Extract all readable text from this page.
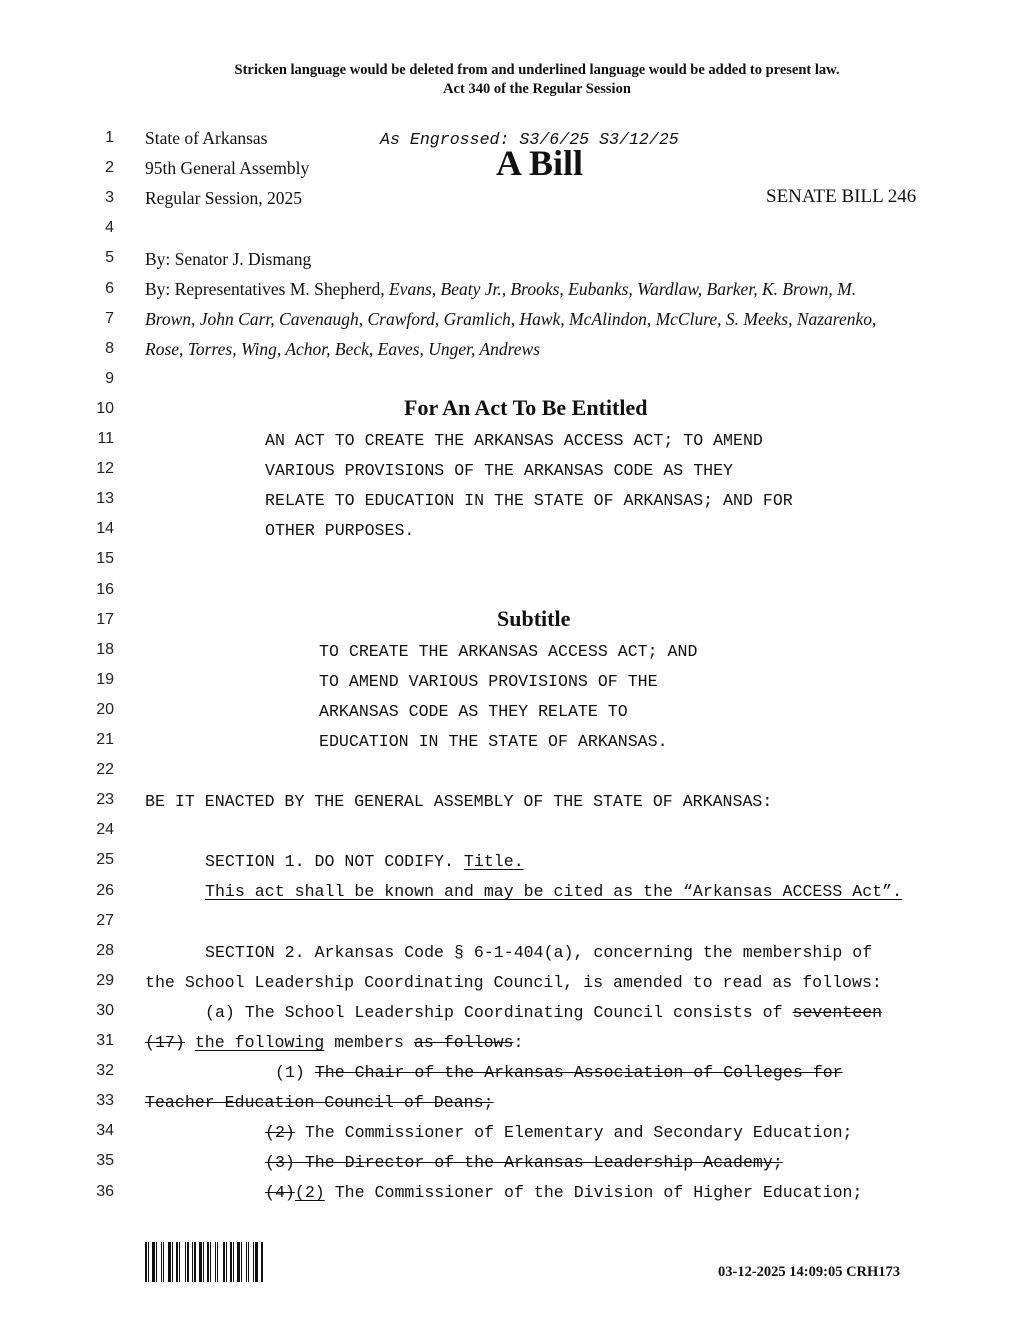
Stricken language would be deleted from and underlined language would be added to present law.
Act 340 of the Regular Session
1
2
3
4
5
6
7
8
9
10
11
12
13
14
15
16
17
18
19
20
21
22
23
24
25
26
27
28
29
30
31
32
33
34
35
36
State of Arkansas	As Engrossed: S3/6/25 S3/12/25
95th General Assembly	A Bill
Regular Session, 2025	SENATE BILL 246
By: Senator J. Dismang
By: Representatives M. Shepherd, Evans, Beaty Jr., Brooks, Eubanks, Wardlaw, Barker, K. Brown, M.
Brown, John Carr, Cavenaugh, Crawford, Gramlich, Hawk, McAlindon, McClure, S. Meeks, Nazarenko,
Rose, Torres, Wing, Achor, Beck, Eaves, Unger, Andrews
For An Act To Be Entitled
AN ACT TO CREATE THE ARKANSAS ACCESS ACT; TO AMEND
VARIOUS PROVISIONS OF THE ARKANSAS CODE AS THEY
RELATE TO EDUCATION IN THE STATE OF ARKANSAS; AND FOR
OTHER PURPOSES.
Subtitle
TO CREATE THE ARKANSAS ACCESS ACT; AND
TO AMEND VARIOUS PROVISIONS OF THE
ARKANSAS CODE AS THEY RELATE TO
EDUCATION IN THE STATE OF ARKANSAS.
BE IT ENACTED BY THE GENERAL ASSEMBLY OF THE STATE OF ARKANSAS:
SECTION 1. DO NOT CODIFY. Title.
This act shall be known and may be cited as the “Arkansas ACCESS Act”.
SECTION 2. Arkansas Code § 6-1-404(a), concerning the membership of
the School Leadership Coordinating Council, is amended to read as follows:
(a) The School Leadership Coordinating Council consists of seventeen
(17) the following members as follows:
(1) The Chair of the Arkansas Association of Colleges for
Teacher Education Council of Deans;
(2) The Commissioner of Elementary and Secondary Education;
(3) The Director of the Arkansas Leadership Academy;
(4)(2) The Commissioner of the Division of Higher Education;
03-12-2025 14:09:05 CRH173
